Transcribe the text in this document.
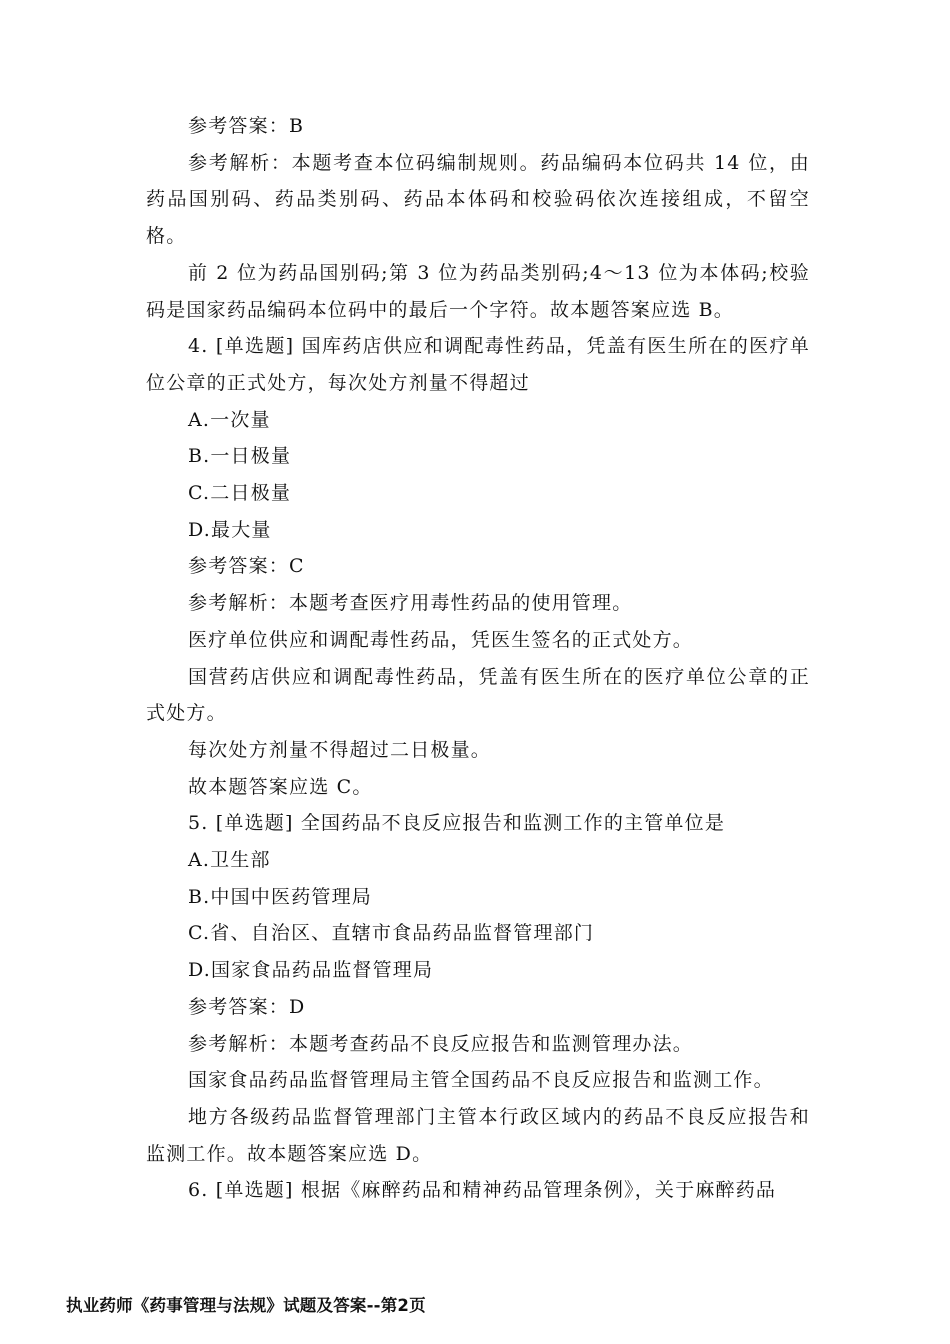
参考答案：B

参考解析：本题考查本位码编制规则。药品编码本位码共 14 位，由药品国别码、药品类别码、药品本体码和校验码依次连接组成，不留空格。

前 2 位为药品国别码;第 3 位为药品类别码;4～13 位为本体码;校验码是国家药品编码本位码中的最后一个字符。故本题答案应选 B。

4. [单选题] 国库药店供应和调配毒性药品，凭盖有医生所在的医疗单位公章的正式处方，每次处方剂量不得超过

A.一次量

B.一日极量

C.二日极量

D.最大量

参考答案：C

参考解析：本题考查医疗用毒性药品的使用管理。

医疗单位供应和调配毒性药品，凭医生签名的正式处方。

国营药店供应和调配毒性药品，凭盖有医生所在的医疗单位公章的正式处方。

每次处方剂量不得超过二日极量。

故本题答案应选 C。

5. [单选题] 全国药品不良反应报告和监测工作的主管单位是

A.卫生部

B.中国中医药管理局

C.省、自治区、直辖市食品药品监督管理部门

D.国家食品药品监督管理局

参考答案：D

参考解析：本题考查药品不良反应报告和监测管理办法。

国家食品药品监督管理局主管全国药品不良反应报告和监测工作。

地方各级药品监督管理部门主管本行政区域内的药品不良反应报告和监测工作。故本题答案应选 D。

6. [单选题] 根据《麻醉药品和精神药品管理条例》，关于麻醉药品

执业药师《药事管理与法规》试题及答案--第2页
